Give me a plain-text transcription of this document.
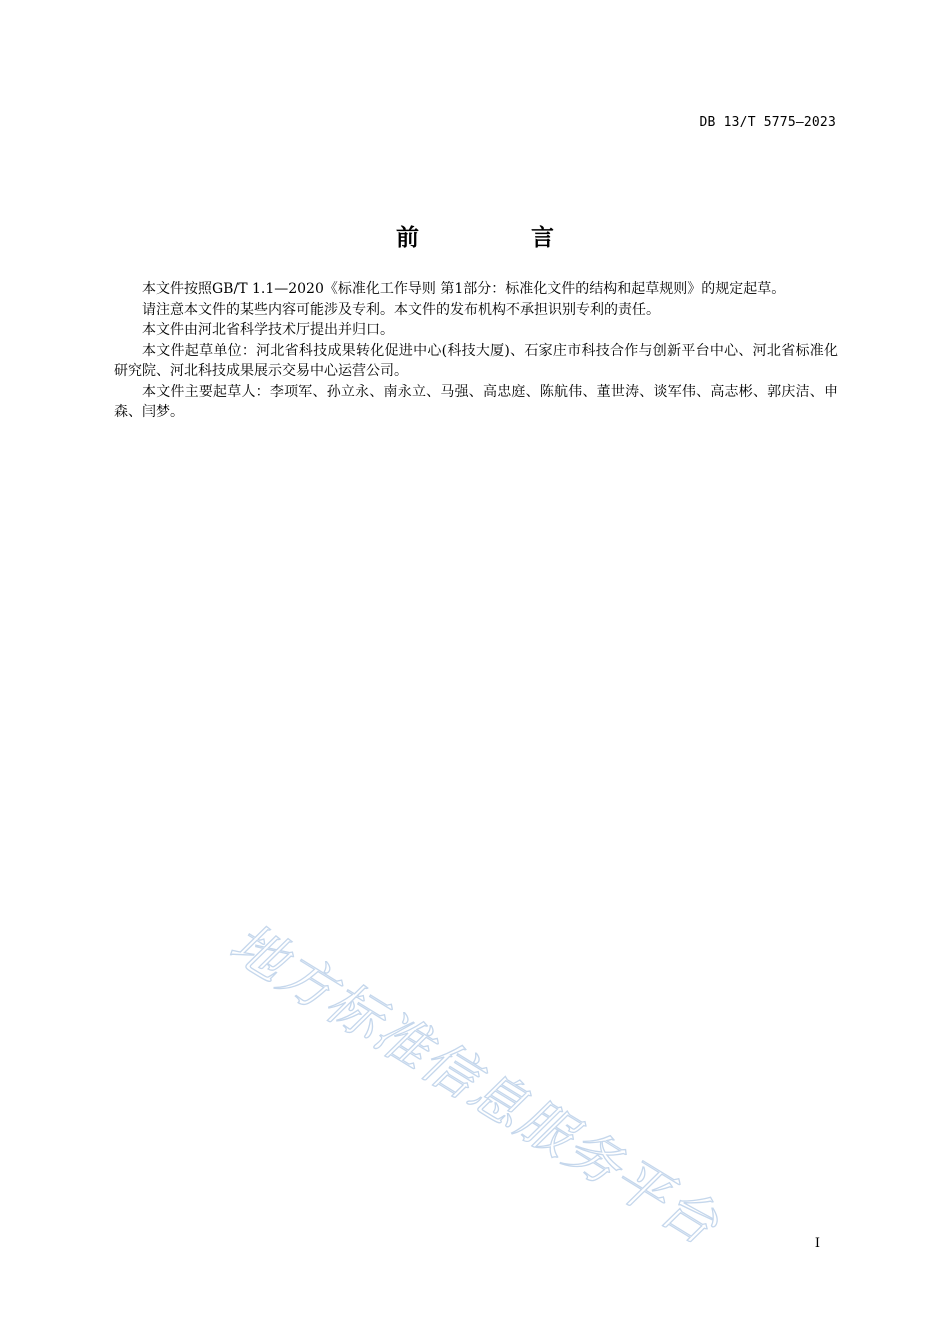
DB 13/T 5775—2023
前 言

本文件按照GB/T 1.1—2020《标准化工作导则 第1部分：标准化文件的结构和起草规则》的规定起草。

请注意本文件的某些内容可能涉及专利。本文件的发布机构不承担识别专利的责任。

本文件由河北省科学技术厅提出并归口。

本文件起草单位：河北省科技成果转化促进中心(科技大厦)、石家庄市科技合作与创新平台中心、河北省标准化研究院、河北科技成果展示交易中心运营公司。

本文件主要起草人：李项军、孙立永、南永立、马强、高忠庭、陈航伟、董世涛、谈军伟、高志彬、郭庆洁、申森、闫梦。

地方标准信息服务平台	I
